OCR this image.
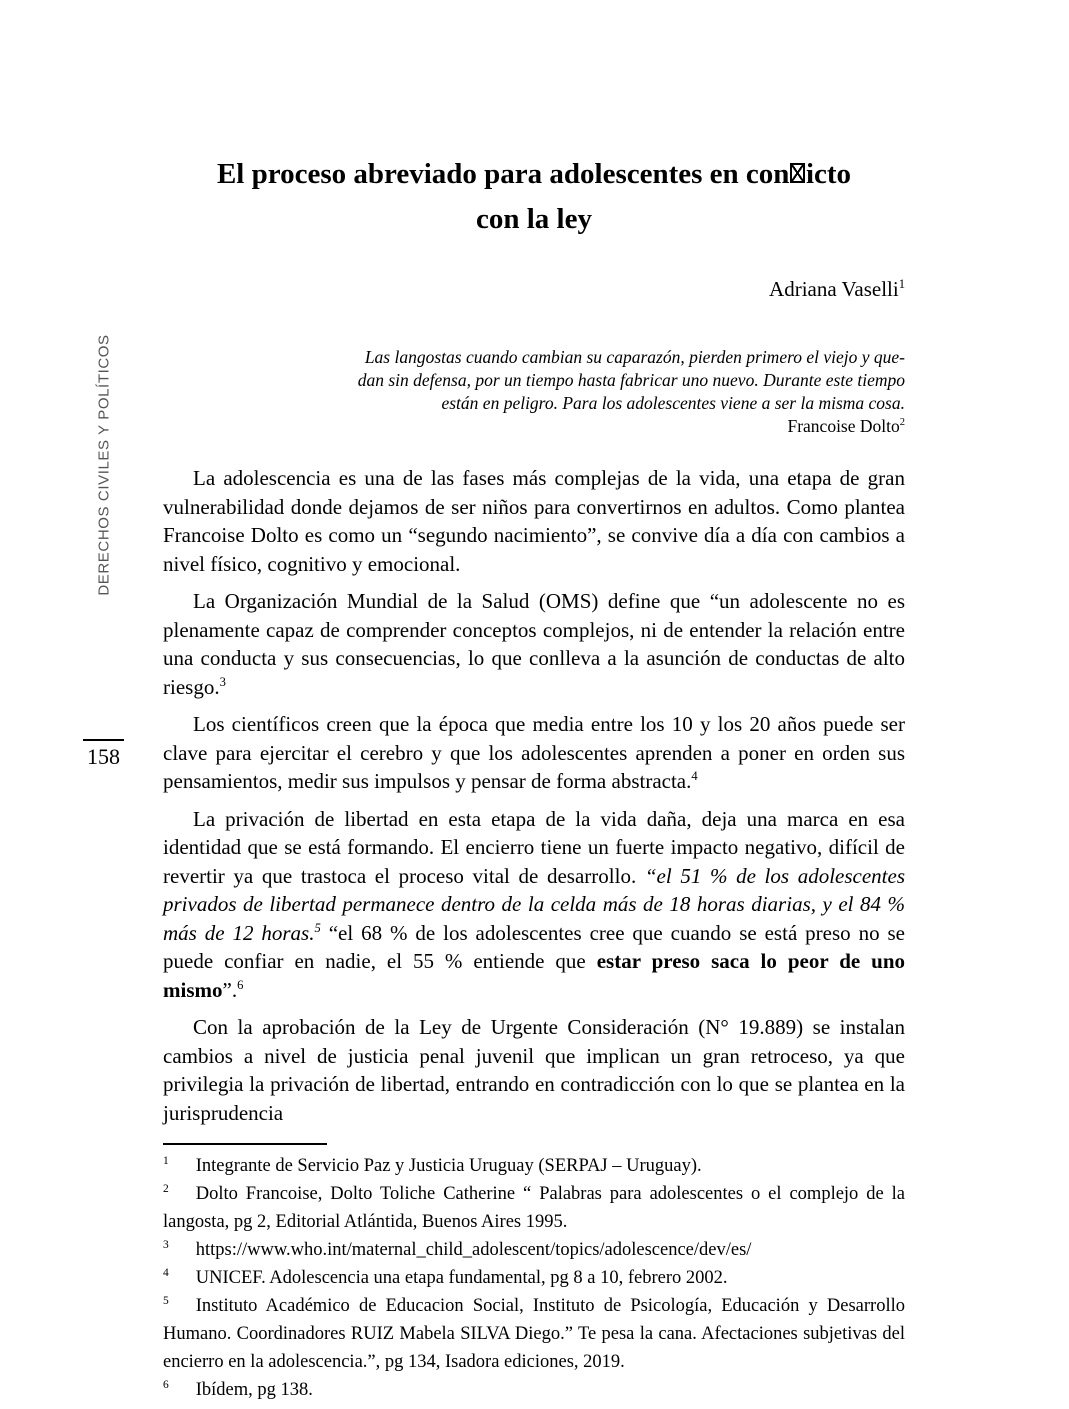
DERECHOS CIVILES Y POLÍTICOS
158
El proceso abreviado para adolescentes en con icto
con la ley
Adriana Vaselli$^1$
Las langostas cuando cambian su caparazón, pierden primero el viejo y que-
dan sin defensa, por un tiempo hasta fabricar uno nuevo. Durante este tiempo
están en peligro. Para los adolescentes viene a ser la misma cosa.
Francoise Dolto$^2$

La adolescencia es una de las fases más complejas de la vida, una etapa de gran vulnerabilidad donde dejamos de ser niños para convertirnos en adultos. Como plantea Francoise Dolto es como un “segundo nacimiento”, se convive día a día con cambios a nivel físico, cognitivo y emocional.

La Organización Mundial de la Salud (OMS) define que “un adolescente no es plenamente capaz de comprender conceptos complejos, ni de entender la relación entre una conducta y sus consecuencias, lo que conlleva a la asunción de conductas de alto riesgo.$^3$

Los científicos creen que la época que media entre los 10 y los 20 años puede ser clave para ejercitar el cerebro y que los adolescentes aprenden a poner en orden sus pensamientos, medir sus impulsos y pensar de forma abstracta.$^4$

La privación de libertad en esta etapa de la vida daña, deja una marca en esa identidad que se está formando. El encierro tiene un fuerte impacto negativo, difícil de revertir ya que trastoca el proceso vital de desarrollo. “el 51 % de los adolescentes privados de libertad permanece dentro de la celda más de 18 horas diarias, y el 84 % más de 12 horas.$^5$ “el 68 % de los adolescentes cree que cuando se está preso no se puede confiar en nadie, el 55 % entiende que estar preso saca lo peor de uno mismo”.$^6$

Con la aprobación de la Ley de Urgente Consideración (N° 19.889) se instalan cambios a nivel de justicia penal juvenil que implican un gran retroceso, ya que privilegia la privación de libertad, entrando en contradicción con lo que se plantea en la jurisprudencia

$^1$ Integrante de Servicio Paz y Justicia Uruguay (SERPAJ – Uruguay).

$^2$ Dolto Francoise, Dolto Toliche Catherine “ Palabras para adolescentes o el complejo de la langosta, pg 2, Editorial Atlántida, Buenos Aires 1995.

$^3$ https://www.who.int/maternal_child_adolescent/topics/adolescence/dev/es/

$^4$ UNICEF. Adolescencia una etapa fundamental, pg 8 a 10, febrero 2002.

$^5$ Instituto Académico de Educacion Social, Instituto de Psicología, Educación y Desarrollo Humano. Coordinadores RUIZ Mabela SILVA Diego.” Te pesa la cana. Afectaciones subjetivas del encierro en la adolescencia.”, pg 134, Isadora ediciones, 2019.

$^6$ Ibídem, pg 138.
